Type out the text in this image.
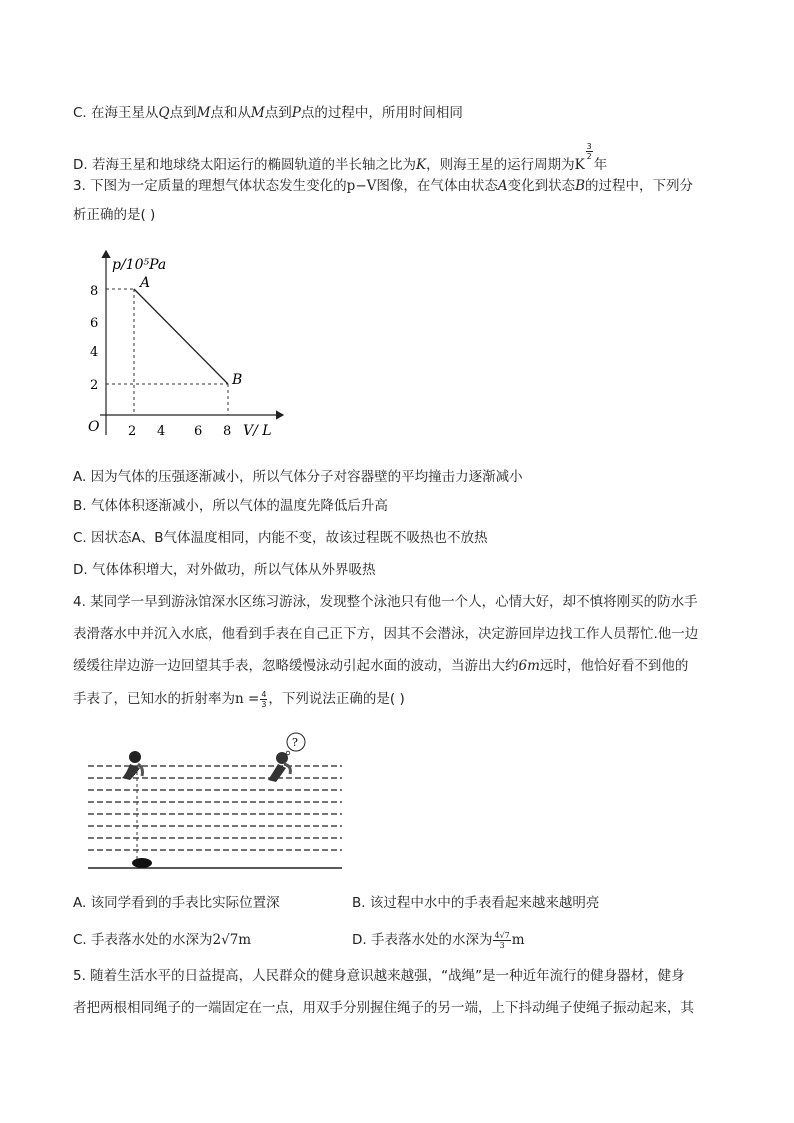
C. 在海王星从Q点到M点和从M点到P点的过程中，所用时间相同
D. 若海王星和地球绕太阳运行的椭圆轨道的半长轴之比为K，则海王星的运行周期为K
$\frac{3}{2}$
年
3. 下图为一定质量的理想气体状态发生变化的p−V图像，在气体由状态A变化到状态B的过程中，下列分
析正确的是( )
p/10⁵Pa
V/ L
O
8
6
4
2
2 4 6 8
A
B
A. 因为气体的压强逐渐减小，所以气体分子对容器壁的平均撞击力逐渐减小
B. 气体体积逐渐减小，所以气体的温度先降低后升高
C. 因状态A、B气体温度相同，内能不变，故该过程既不吸热也不放热
D. 气体体积增大，对外做功，所以气体从外界吸热
4. 某同学一早到游泳馆深水区练习游泳，发现整个泳池只有他一个人，心情大好，却不慎将刚买的防水手
表滑落水中并沉入水底，他看到手表在自己正下方，因其不会潜泳，决定游回岸边找工作人员帮忙.他一边
缓缓往岸边游一边回望其手表，忽略缓慢泳动引起水面的波动，当游出大约6m远时，他恰好看不到他的
手表了，已知水的折射率为$n = \frac{4}{3}$ ，下列说法正确的是( )
?
A. 该同学看到的手表比实际位置深	B. 该过程中水中的手表看起来越来越明亮
C. 手表落水处的水深为2√7m	D. 手表落水处的水深为 $\frac{4√7}{3}$ m
5. 随着生活水平的日益提高，人民群众的健身意识越来越强，“战绳”是一种近年流行的健身器材，健身
者把两根相同绳子的一端固定在一点，用双手分别握住绳子的另一端，上下抖动绳子使绳子振动起来，其
